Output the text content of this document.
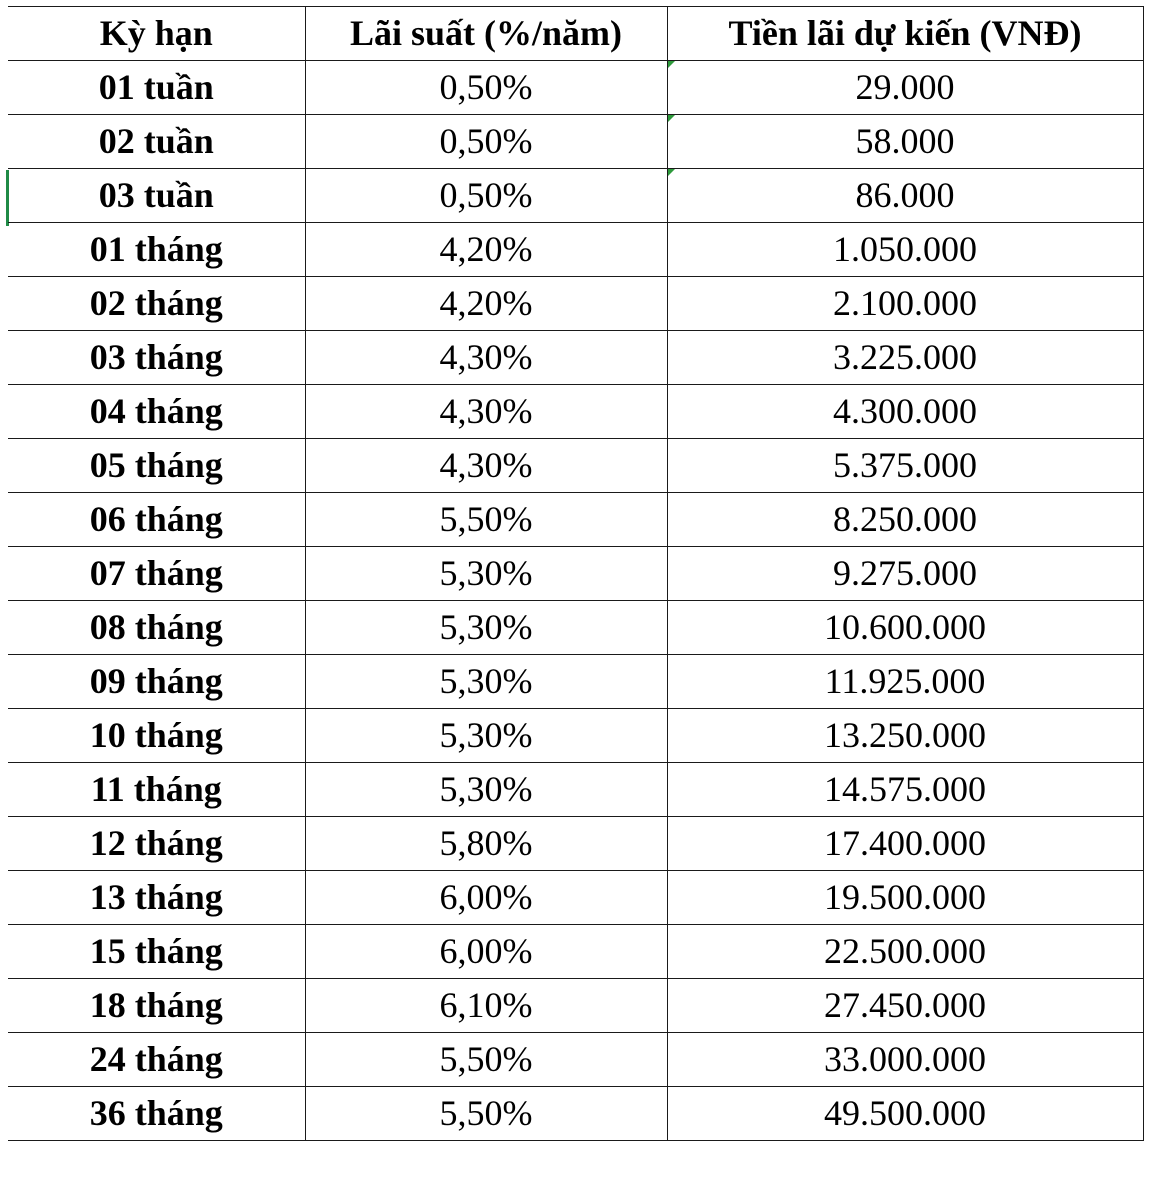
Kỳ hạn	Lãi suất (%/năm)	Tiền lãi dự kiến (VNĐ)
01 tuần	0,50%	29.000

02 tuần	0,50%	58.000

03 tuần	0,50%	86.000

01 tháng	4,20%	1.050.000
02 tháng	4,20%	2.100.000
03 tháng	4,30%	3.225.000
04 tháng	4,30%	4.300.000
05 tháng	4,30%	5.375.000
06 tháng	5,50%	8.250.000
07 tháng	5,30%	9.275.000
08 tháng	5,30%	10.600.000
09 tháng	5,30%	11.925.000
10 tháng	5,30%	13.250.000
11 tháng	5,30%	14.575.000
12 tháng	5,80%	17.400.000
13 tháng	6,00%	19.500.000
15 tháng	6,00%	22.500.000
18 tháng	6,10%	27.450.000
24 tháng	5,50%	33.000.000
36 tháng	5,50%	49.500.000
